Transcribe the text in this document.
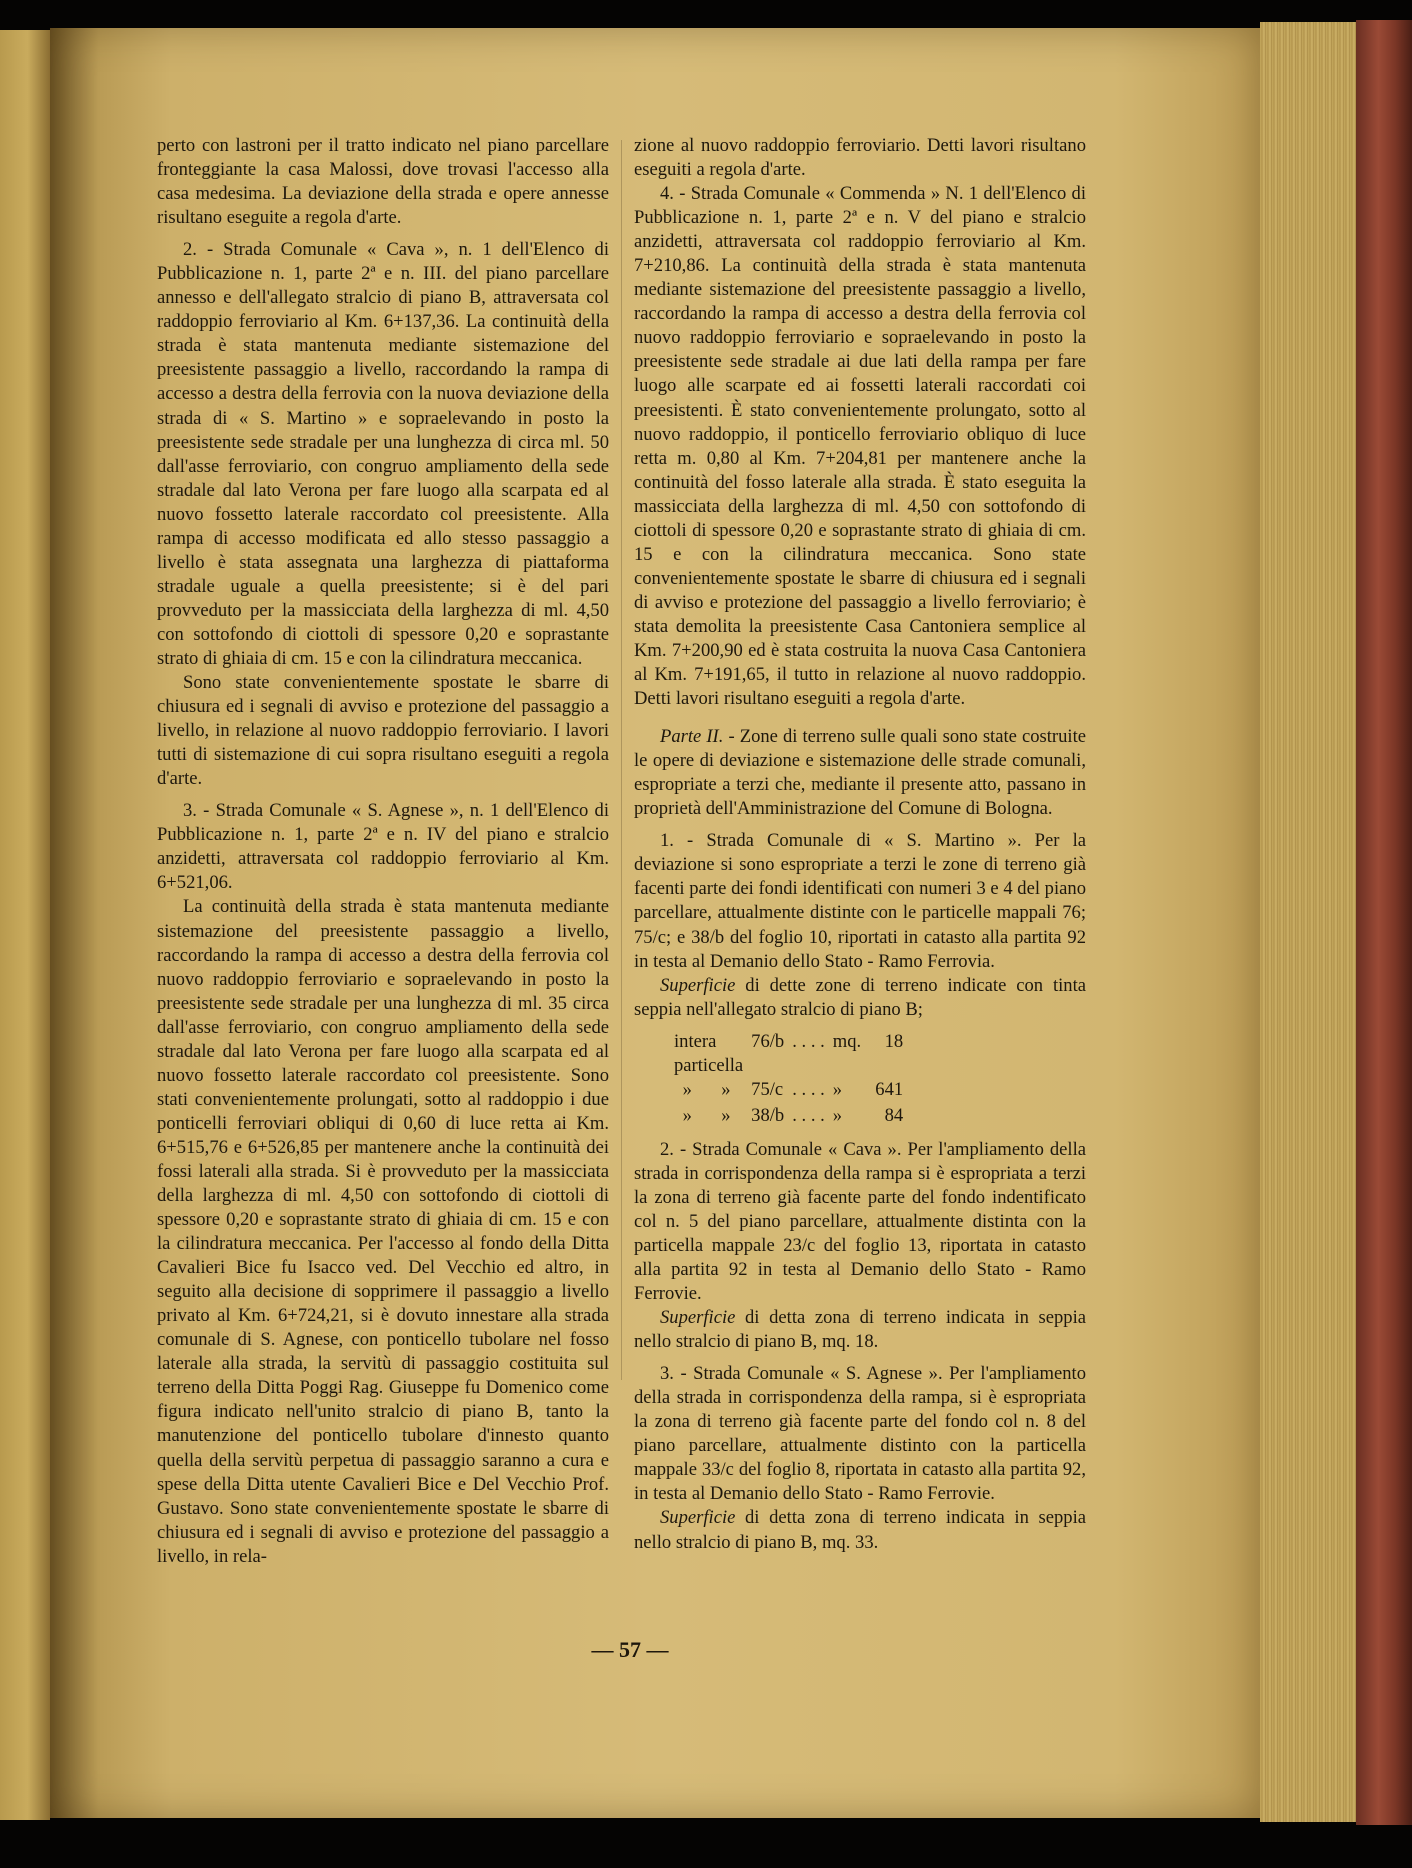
perto con lastroni per il tratto indicato nel piano parcellare fronteggiante la casa Malossi, dove trovasi l'accesso alla casa medesima. La deviazione della strada e opere annesse risultano eseguite a regola d'arte.

2. - Strada Comunale « Cava », n. 1 dell'Elenco di Pubblicazione n. 1, parte 2ª e n. III. del piano parcellare annesso e dell'allegato stralcio di piano B, attraversata col raddoppio ferroviario al Km. 6+137,36. La continuità della strada è stata mantenuta mediante sistemazione del preesistente passaggio a livello, raccordando la rampa di accesso a destra della ferrovia con la nuova deviazione della strada di « S. Martino » e sopraelevando in posto la preesistente sede stradale per una lunghezza di circa ml. 50 dall'asse ferroviario, con congruo ampliamento della sede stradale dal lato Verona per fare luogo alla scarpata ed al nuovo fossetto laterale raccordato col preesistente. Alla rampa di accesso modificata ed allo stesso passaggio a livello è stata assegnata una larghezza di piattaforma stradale uguale a quella preesistente; si è del pari provveduto per la massicciata della larghezza di ml. 4,50 con sottofondo di ciottoli di spessore 0,20 e soprastante strato di ghiaia di cm. 15 e con la cilindratura meccanica.

Sono state convenientemente spostate le sbarre di chiusura ed i segnali di avviso e protezione del passaggio a livello, in relazione al nuovo raddoppio ferroviario. I lavori tutti di sistemazione di cui sopra risultano eseguiti a regola d'arte.

3. - Strada Comunale « S. Agnese », n. 1 dell'Elenco di Pubblicazione n. 1, parte 2ª e n. IV del piano e stralcio anzidetti, attraversata col raddoppio ferroviario al Km. 6+521,06.

La continuità della strada è stata mantenuta mediante sistemazione del preesistente passaggio a livello, raccordando la rampa di accesso a destra della ferrovia col nuovo raddoppio ferroviario e sopraelevando in posto la preesistente sede stradale per una lunghezza di ml. 35 circa dall'asse ferroviario, con congruo ampliamento della sede stradale dal lato Verona per fare luogo alla scarpata ed al nuovo fossetto laterale raccordato col preesistente. Sono stati convenientemente prolungati, sotto al raddoppio i due ponticelli ferroviari obliqui di 0,60 di luce retta ai Km. 6+515,76 e 6+526,85 per mantenere anche la continuità dei fossi laterali alla strada. Si è provveduto per la massicciata della larghezza di ml. 4,50 con sottofondo di ciottoli di spessore 0,20 e soprastante strato di ghiaia di cm. 15 e con la cilindratura meccanica. Per l'accesso al fondo della Ditta Cavalieri Bice fu Isacco ved. Del Vecchio ed altro, in seguito alla decisione di sopprimere il passaggio a livello privato al Km. 6+724,21, si è dovuto innestare alla strada comunale di S. Agnese, con ponticello tubolare nel fosso laterale alla strada, la servitù di passaggio costituita sul terreno della Ditta Poggi Rag. Giuseppe fu Domenico come figura indicato nell'unito stralcio di piano B, tanto la manutenzione del ponticello tubolare d'innesto quanto quella della servitù perpetua di passaggio saranno a cura e spese della Ditta utente Cavalieri Bice e Del Vecchio Prof. Gustavo. Sono state convenientemente spostate le sbarre di chiusura ed i segnali di avviso e protezione del passaggio a livello, in rela-

zione al nuovo raddoppio ferroviario. Detti lavori risultano eseguiti a regola d'arte.

4. - Strada Comunale « Commenda » N. 1 dell'Elenco di Pubblicazione n. 1, parte 2ª e n. V del piano e stralcio anzidetti, attraversata col raddoppio ferroviario al Km. 7+210,86. La continuità della strada è stata mantenuta mediante sistemazione del preesistente passaggio a livello, raccordando la rampa di accesso a destra della ferrovia col nuovo raddoppio ferroviario e sopraelevando in posto la preesistente sede stradale ai due lati della rampa per fare luogo alle scarpate ed ai fossetti laterali raccordati coi preesistenti. È stato convenientemente prolungato, sotto al nuovo raddoppio, il ponticello ferroviario obliquo di luce retta m. 0,80 al Km. 7+204,81 per mantenere anche la continuità del fosso laterale alla strada. È stato eseguita la massicciata della larghezza di ml. 4,50 con sottofondo di ciottoli di spessore 0,20 e soprastante strato di ghiaia di cm. 15 e con la cilindratura meccanica. Sono state convenientemente spostate le sbarre di chiusura ed i segnali di avviso e protezione del passaggio a livello ferroviario; è stata demolita la preesistente Casa Cantoniera semplice al Km. 7+200,90 ed è stata costruita la nuova Casa Cantoniera al Km. 7+191,65, il tutto in relazione al nuovo raddoppio. Detti lavori risultano eseguiti a regola d'arte.

Parte II. - Zone di terreno sulle quali sono state costruite le opere di deviazione e sistemazione delle strade comunali, espropriate a terzi che, mediante il presente atto, passano in proprietà dell'Amministrazione del Comune di Bologna.

1. - Strada Comunale di « S. Martino ». Per la deviazione si sono espropriate a terzi le zone di terreno già facenti parte dei fondi identificati con numeri 3 e 4 del piano parcellare, attualmente distinte con le particelle mappali 76; 75/c; e 38/b del foglio 10, riportati in catasto alla partita 92 in testa al Demanio dello Stato - Ramo Ferrovia.

Superficie di dette zone di terreno indicate con tinta seppia nell'allegato stralcio di piano B;

intera particella		76/b	. . . .	mq.	18
»	»	75/c	. . . .	»	641
»	»	38/b	. . . .	»	84

2. - Strada Comunale « Cava ». Per l'ampliamento della strada in corrispondenza della rampa si è espropriata a terzi la zona di terreno già facente parte del fondo indentificato col n. 5 del piano parcellare, attualmente distinta con la particella mappale 23/c del foglio 13, riportata in catasto alla partita 92 in testa al Demanio dello Stato - Ramo Ferrovie.

Superficie di detta zona di terreno indicata in seppia nello stralcio di piano B, mq. 18.

3. - Strada Comunale « S. Agnese ». Per l'ampliamento della strada in corrispondenza della rampa, si è espropriata la zona di terreno già facente parte del fondo col n. 8 del piano parcellare, attualmente distinto con la particella mappale 33/c del foglio 8, riportata in catasto alla partita 92, in testa al Demanio dello Stato - Ramo Ferrovie.

Superficie di detta zona di terreno indicata in seppia nello stralcio di piano B, mq. 33.

— 57 —
